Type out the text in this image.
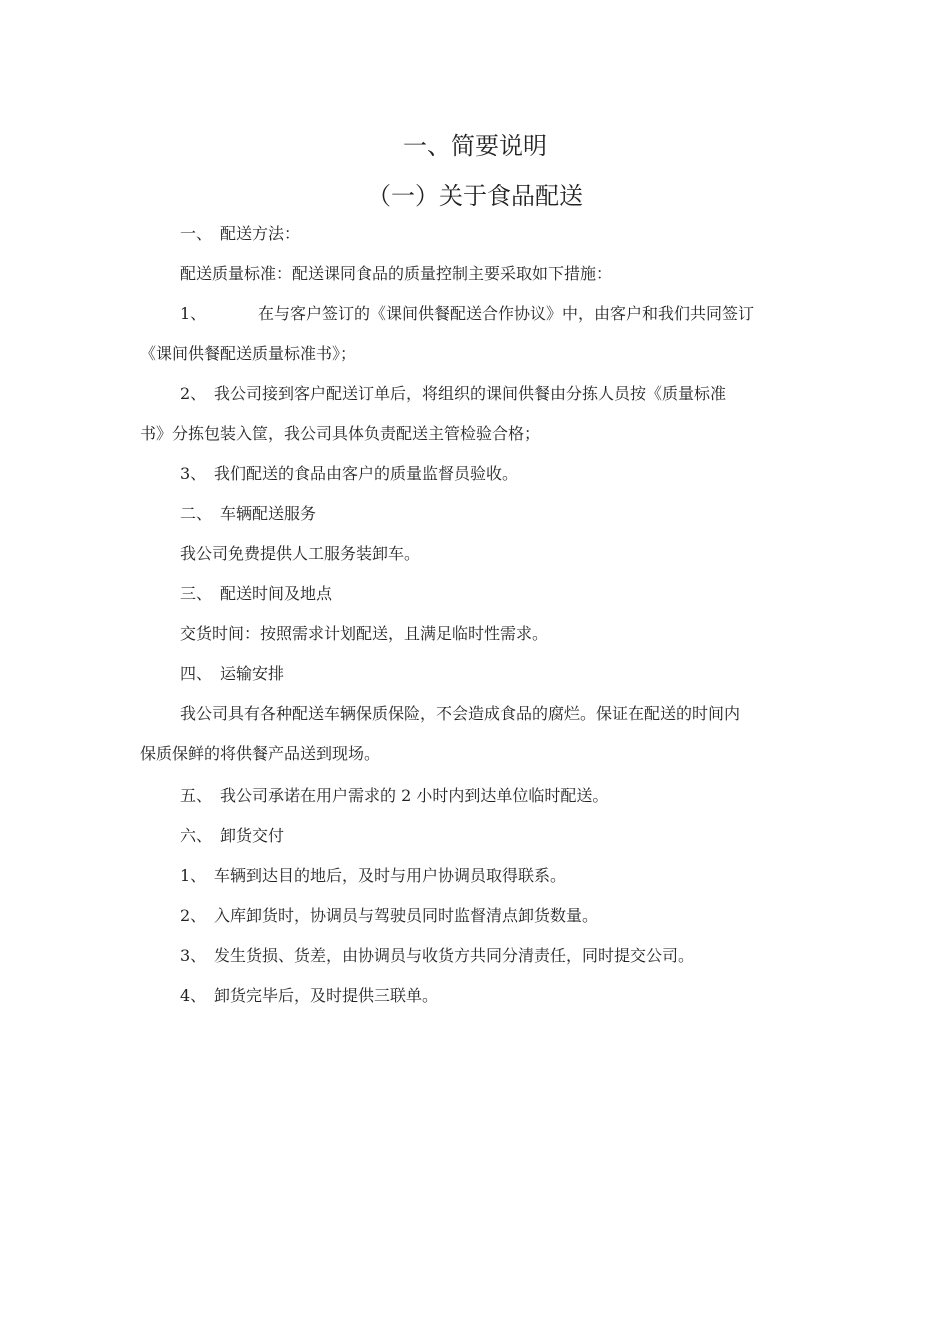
一、简要说明
（一）关于食品配送
一、 配送方法：
配送质量标准：配送课同食品的质量控制主要采取如下措施：
1、	在与客户签订的《课间供餐配送合作协议》中，由客户和我们共同签订
《课间供餐配送质量标准书》；
2、 我公司接到客户配送订单后，将组织的课间供餐由分拣人员按《质量标准
书》分拣包装入筐，我公司具体负责配送主管检验合格；
3、 我们配送的食品由客户的质量监督员验收。
二、 车辆配送服务
我公司免费提供人工服务装卸车。
三、 配送时间及地点
交货时间：按照需求计划配送，且满足临时性需求。
四、 运输安排
我公司具有各种配送车辆保质保险，不会造成食品的腐烂。保证在配送的时间内
保质保鲜的将供餐产品送到现场。
五、 我公司承诺在用户需求的 2 小时内到达单位临时配送。
六、 卸货交付
1、 车辆到达目的地后，及时与用户协调员取得联系。
2、 入库卸货时，协调员与驾驶员同时监督清点卸货数量。
3、 发生货损、货差，由协调员与收货方共同分清责任，同时提交公司。
4、 卸货完毕后，及时提供三联单。
